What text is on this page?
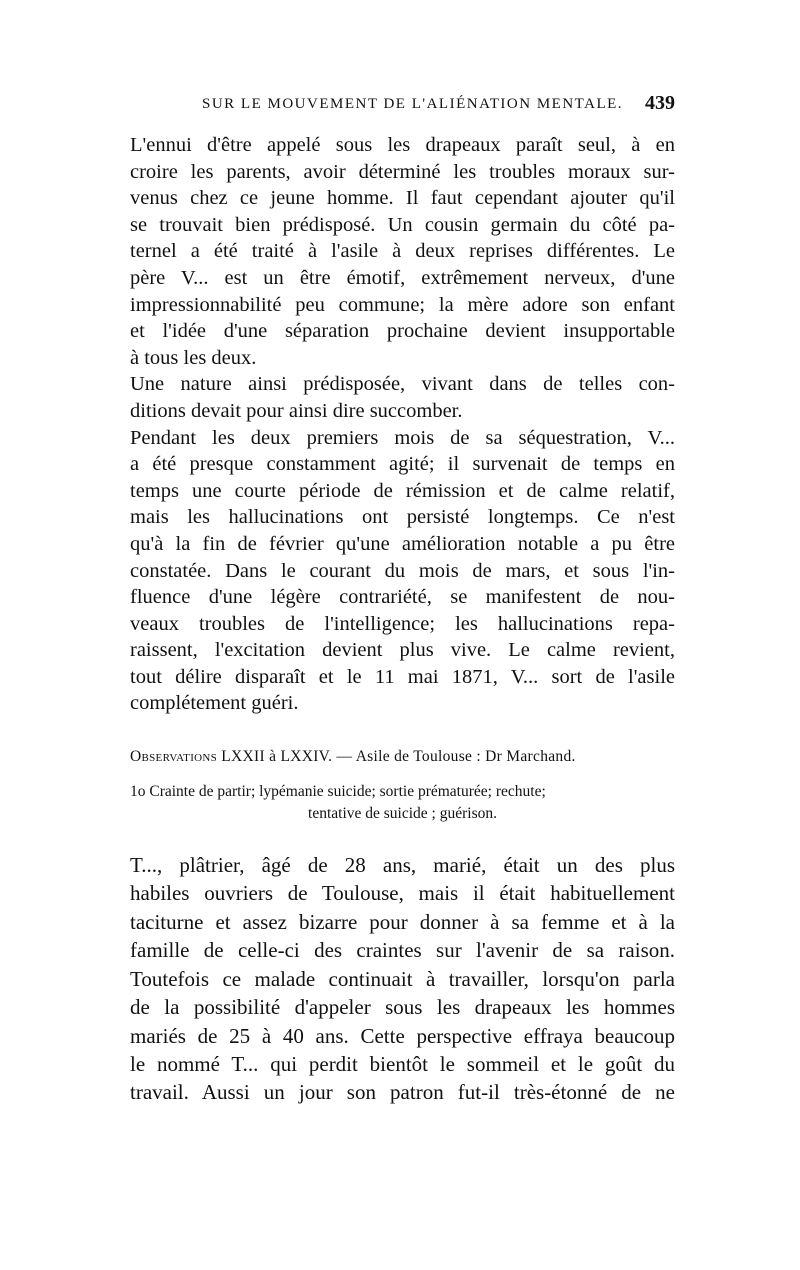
SUR LE MOUVEMENT DE L'ALIÉNATION MENTALE. 439

L'ennui d'être appelé sous les drapeaux paraît seul, à en
croire les parents, avoir déterminé les troubles moraux sur-
venus chez ce jeune homme. Il faut cependant ajouter qu'il
se trouvait bien prédisposé. Un cousin germain du côté pa-
ternel a été traité à l'asile à deux reprises différentes. Le
père V... est un être émotif, extrêmement nerveux, d'une
impressionnabilité peu commune; la mère adore son enfant
et l'idée d'une séparation prochaine devient insupportable
à tous les deux.

Une nature ainsi prédisposée, vivant dans de telles con-
ditions devait pour ainsi dire succomber.

Pendant les deux premiers mois de sa séquestration, V...
a été presque constamment agité; il survenait de temps en
temps une courte période de rémission et de calme relatif,
mais les hallucinations ont persisté longtemps. Ce n'est
qu'à la fin de février qu'une amélioration notable a pu être
constatée. Dans le courant du mois de mars, et sous l'in-
fluence d'une légère contrariété, se manifestent de nou-
veaux troubles de l'intelligence; les hallucinations repa-
raissent, l'excitation devient plus vive. Le calme revient,
tout délire disparaît et le 11 mai 1871, V... sort de l'asile
complétement guéri.

Observations LXXII à LXXIV. — Asile de Toulouse : Dr Marchand.
1o Crainte de partir; lypémanie suicide; sortie prématurée; rechute;
tentative de suicide ; guérison.

T..., plâtrier, âgé de 28 ans, marié, était un des plus
habiles ouvriers de Toulouse, mais il était habituellement
taciturne et assez bizarre pour donner à sa femme et à la
famille de celle-ci des craintes sur l'avenir de sa raison.
Toutefois ce malade continuait à travailler, lorsqu'on parla
de la possibilité d'appeler sous les drapeaux les hommes
mariés de 25 à 40 ans. Cette perspective effraya beaucoup
le nommé T... qui perdit bientôt le sommeil et le goût du
travail. Aussi un jour son patron fut-il très-étonné de ne
